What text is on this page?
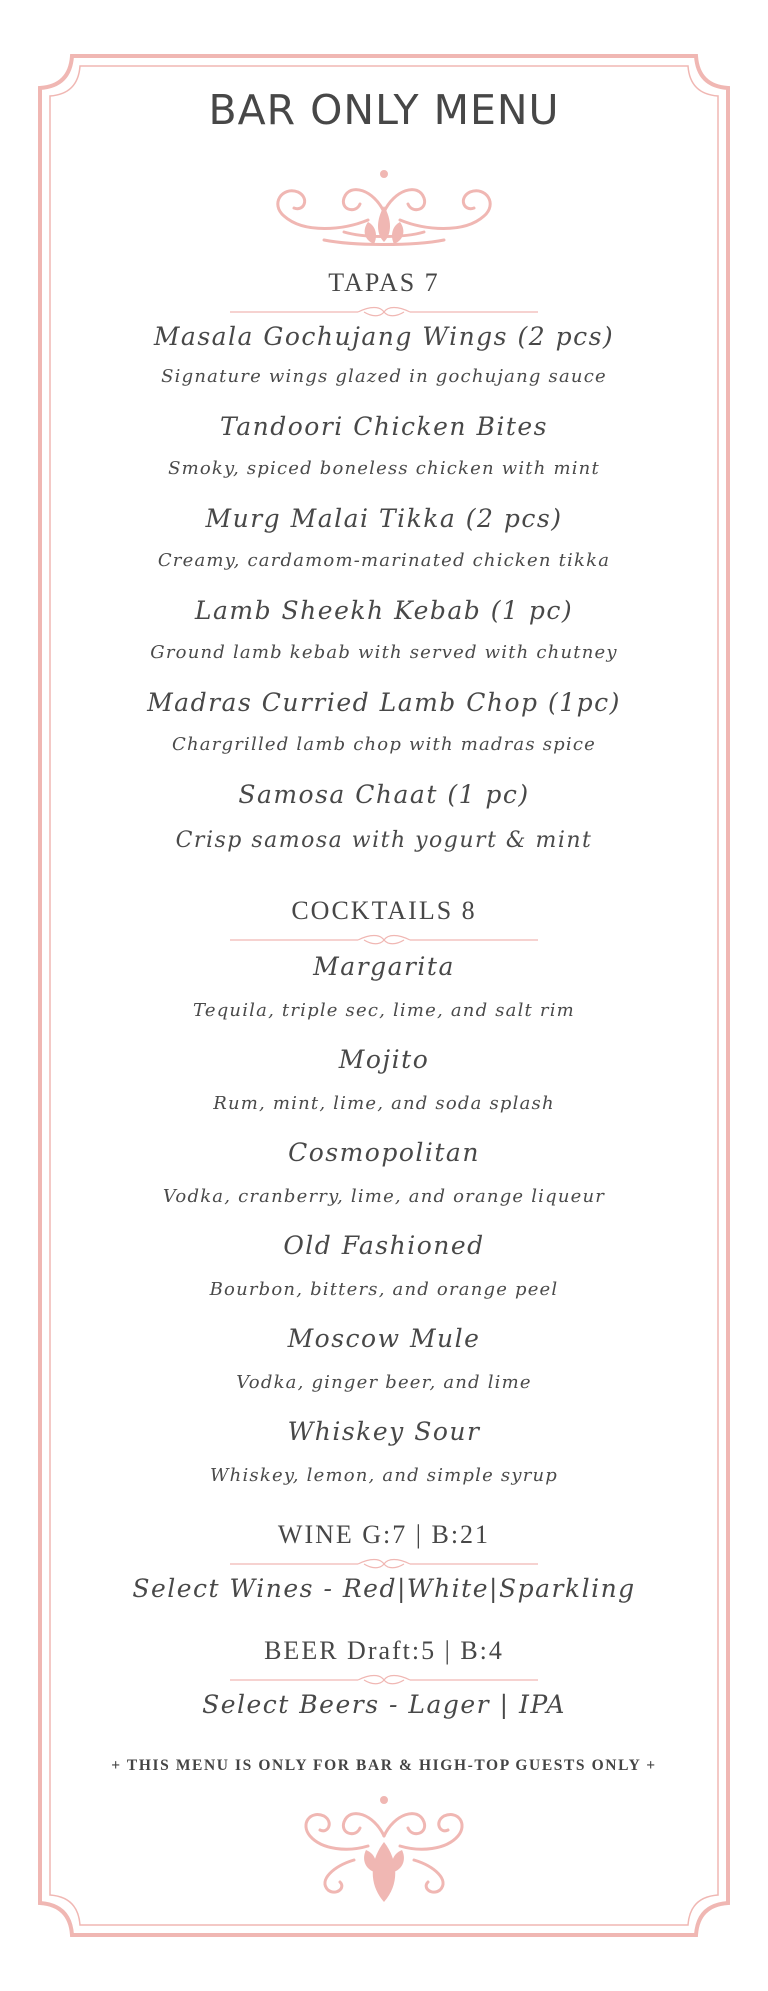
BAR ONLY MENU
TAPAS 7
Masala Gochujang Wings (2 pcs)
Signature wings glazed in gochujang sauce
Tandoori Chicken Bites
Smoky, spiced boneless chicken with mint
Murg Malai Tikka (2 pcs)
Creamy, cardamom-marinated chicken tikka
Lamb Sheekh Kebab (1 pc)
Ground lamb kebab with served with chutney
Madras Curried Lamb Chop (1pc)
Chargrilled lamb chop with madras spice
Samosa Chaat (1 pc)
Crisp samosa with yogurt & mint
COCKTAILS 8
Margarita
Tequila, triple sec, lime, and salt rim
Mojito
Rum, mint, lime, and soda splash
Cosmopolitan
Vodka, cranberry, lime, and orange liqueur
Old Fashioned
Bourbon, bitters, and orange peel
Moscow Mule
Vodka, ginger beer, and lime
Whiskey Sour
Whiskey, lemon, and simple syrup
WINE G:7 | B:21
Select Wines - Red|White|Sparkling
BEER Draft:5 | B:4
Select Beers - Lager | IPA
+ THIS MENU IS ONLY FOR BAR & HIGH-TOP GUESTS ONLY +
